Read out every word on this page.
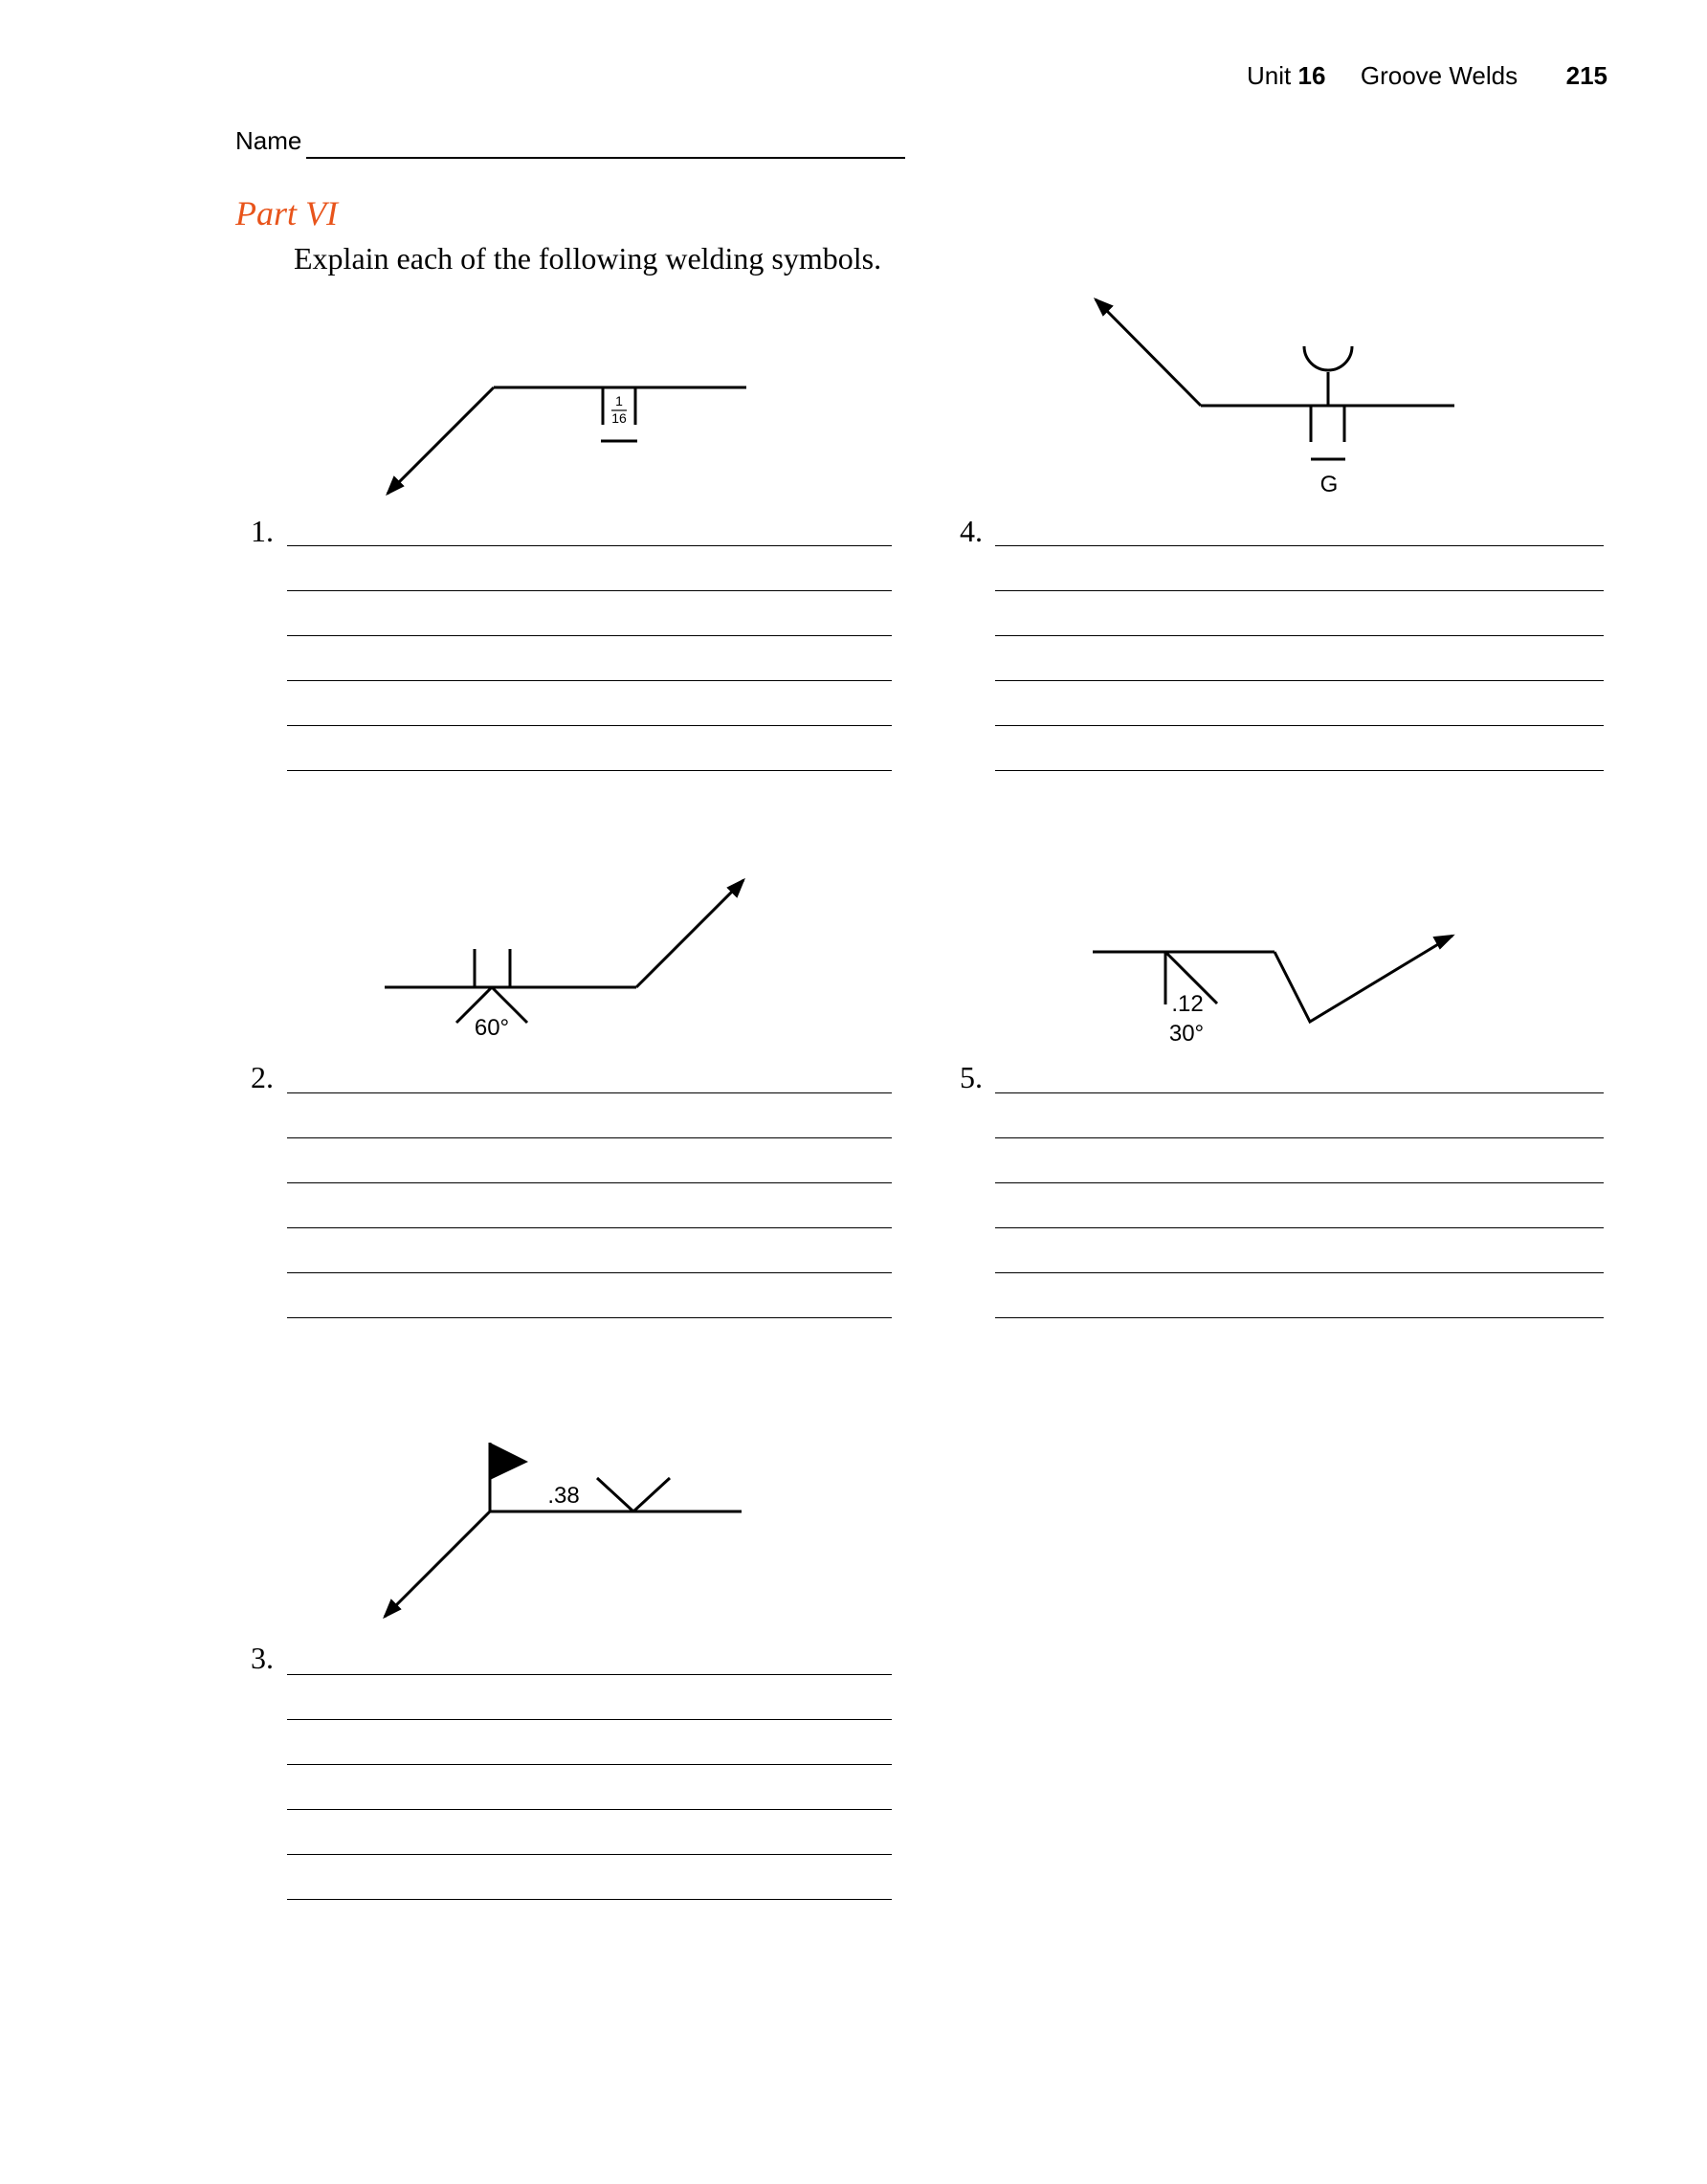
Unit 16 Groove Welds 215
Name
Part VI
Explain each of the following welding symbols.
1.
2.
3.
4.
5.
1
16
60°
.38
G
.12
30°
